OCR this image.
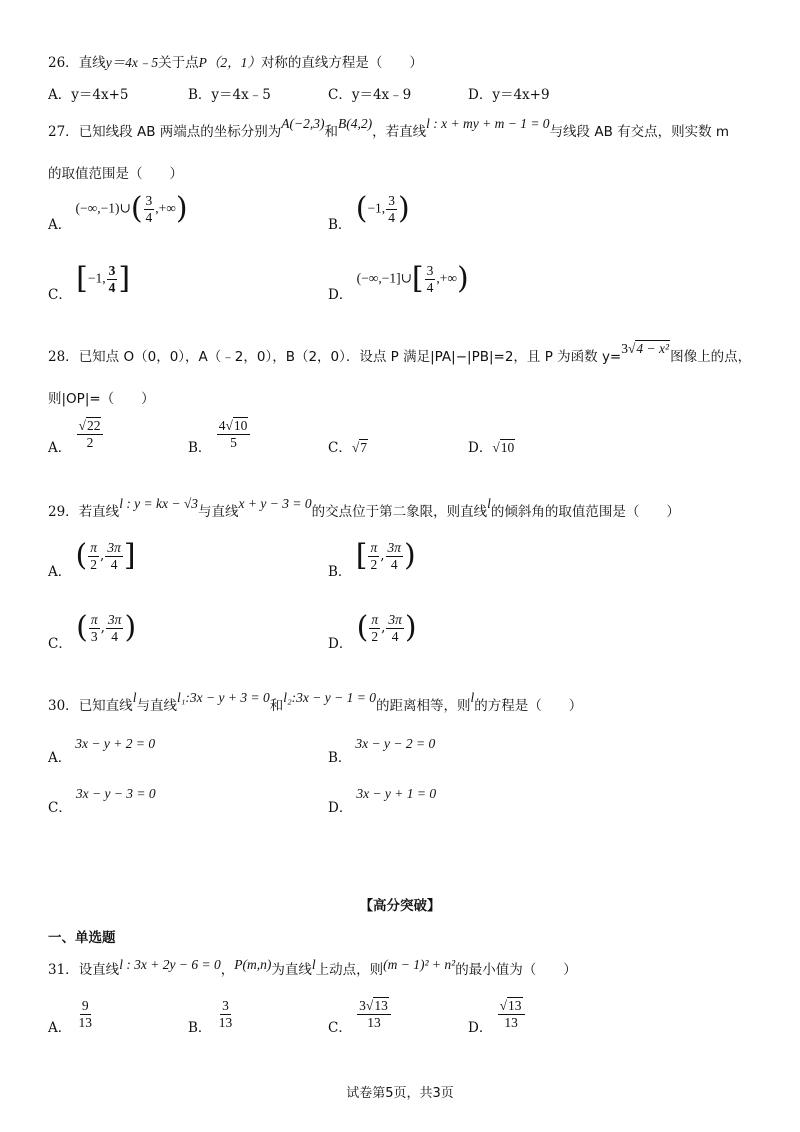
26．直线y＝4x﹣5关于点P（2，1）对称的直线方程是（　　）
A．y＝4x+5	B．y＝4x﹣5	C．y＝4x﹣9	D．y＝4x+9
27．已知线段 AB 两端点的坐标分别为A(−2,3)和B(4,2)，若直线l : x + my + m − 1 = 0与线段 AB 有交点，则实数 m
的取值范围是（　　）
A． (−∞,−1)∪( $\frac{3}{4}$ ,+∞)	B． (−1, $\frac{3}{4}$ )
C． [−1, $\frac{3}{4}$ ]	D． (−∞,−1]∪[ $\frac{3}{4}$ ,+∞)
28．已知点 O（0，0），A（﹣2，0），B（2，0）．设点 P 满足|PA|−|PB|=2，且 P 为函数 y=3√4 − x²图像上的点，
则|OP|=（　　）
A． $\frac{√22}{2}$	B． $\frac{4√10}{5}$	C．√7	D．√10
29．若直线l : y = kx − √3与直线x + y − 3 = 0的交点位于第二象限，则直线l的倾斜角的取值范围是（　　）
A． ( $\frac{\pi}{2}$ , $\frac{3\pi}{4}$ ]	B． [ $\frac{\pi}{2}$ , $\frac{3\pi}{4}$ )
C． ( $\frac{\pi}{3}$ , $\frac{3\pi}{4}$ )	D． ( $\frac{\pi}{2}$ , $\frac{3\pi}{4}$ )
30．已知直线l与直线l₁:3x − y + 3 = 0和l₂:3x − y − 1 = 0的距离相等，则l的方程是（　　）
A．3x − y + 2 = 0
B．3x − y − 2 = 0
C．3x − y − 3 = 0
D．3x − y + 1 = 0
【高分突破】
一、单选题
31．设直线l : 3x + 2y − 6 = 0，P(m,n)为直线l上动点，则(m − 1)² + n²的最小值为（　　）
A． $\frac{9}{13}$	B． $\frac{3}{13}$	C． $\frac{3√13}{13}$	D． $\frac{√13}{13}$
试卷第5页，共3页
